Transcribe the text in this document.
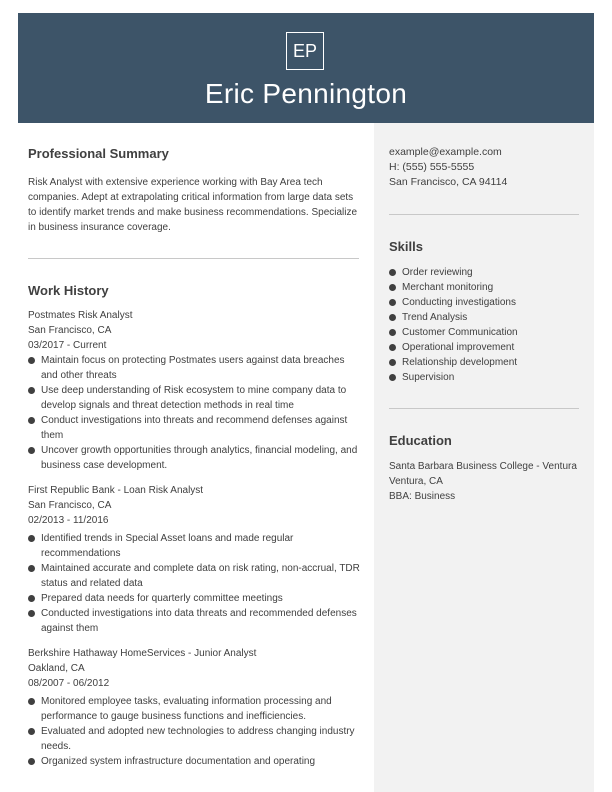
EP
Eric Pennington
Professional Summary
Risk Analyst with extensive experience working with Bay Area tech companies. Adept at extrapolating critical information from large data sets to identify market trends and make business recommendations. Specialize in business insurance coverage.
Work History
Postmates Risk Analyst
San Francisco, CA
03/2017 - Current
Maintain focus on protecting Postmates users against data breaches and other threats
Use deep understanding of Risk ecosystem to mine company data to develop signals and threat detection methods in real time
Conduct investigations into threats and recommend defenses against them
Uncover growth opportunities through analytics, financial modeling, and business case development.
First Republic Bank - Loan Risk Analyst
San Francisco, CA
02/2013 - 11/2016
Identified trends in Special Asset loans and made regular recommendations
Maintained accurate and complete data on risk rating, non-accrual, TDR status and related data
Prepared data needs for quarterly committee meetings
Conducted investigations into data threats and recommended defenses against them
Berkshire Hathaway HomeServices - Junior Analyst
Oakland, CA
08/2007 - 06/2012
Monitored employee tasks, evaluating information processing and performance to gauge business functions and inefficiencies.
Evaluated and adopted new technologies to address changing industry needs.
Organized system infrastructure documentation and operating
example@example.com
H: (555) 555-5555
San Francisco, CA 94114
Skills
Order reviewing
Merchant monitoring
Conducting investigations
Trend Analysis
Customer Communication
Operational improvement
Relationship development
Supervision
Education
Santa Barbara Business College - Ventura
Ventura, CA
BBA: Business
